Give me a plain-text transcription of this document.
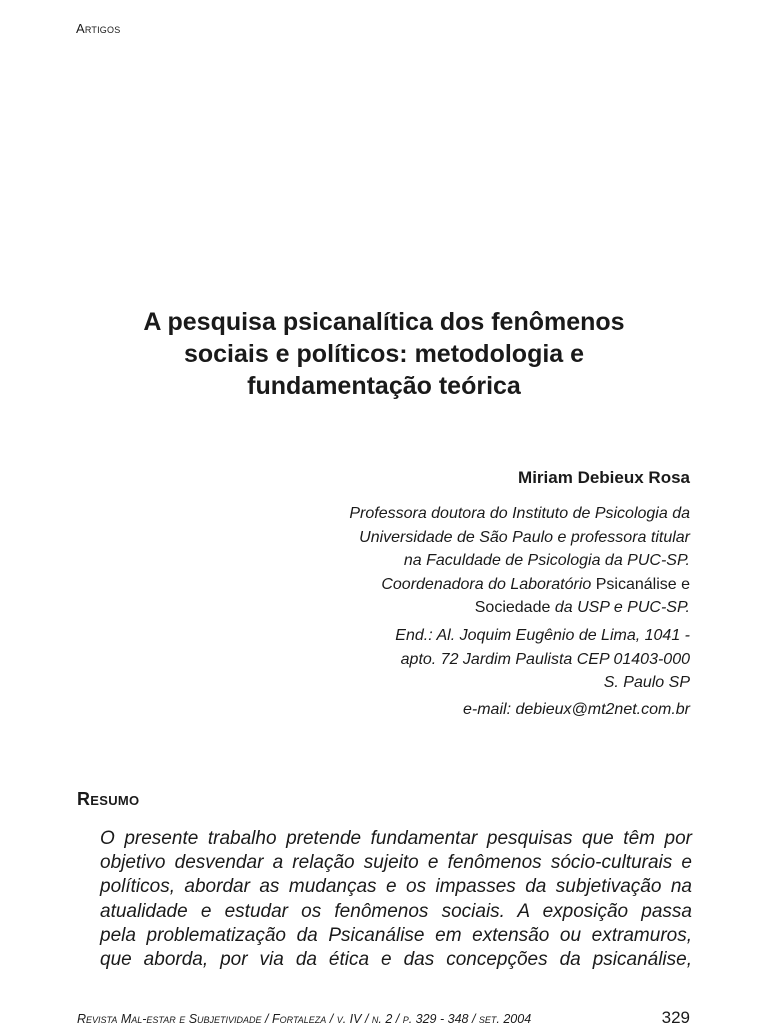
Artigos
A pesquisa psicanalítica dos fenômenos
sociais e políticos: metodologia e
fundamentação teórica
Miriam Debieux Rosa
Professora doutora do Instituto de Psicologia da
Universidade de São Paulo e professora titular
na Faculdade de Psicologia da PUC-SP.
Coordenadora do Laboratório Psicanálise e
Sociedade da USP e PUC-SP.
End.: Al. Joquim Eugênio de Lima, 1041 -
apto. 72 Jardim Paulista CEP 01403-000
S. Paulo SP
e-mail: debieux@mt2net.com.br
Resumo
O presente trabalho pretende fundamentar pesquisas que têm por
objetivo desvendar a relação sujeito e fenômenos sócio-culturais e
políticos, abordar as mudanças e os impasses da subjetivação na
atualidade e estudar os fenômenos sociais. A exposição passa
pela problematização da Psicanálise em extensão ou extramuros,
que aborda, por via da ética e das concepções da psicanálise,
Revista Mal-estar e Subjetividade / Fortaleza / v. IV / n. 2 / p. 329 - 348 / set. 2004	329
